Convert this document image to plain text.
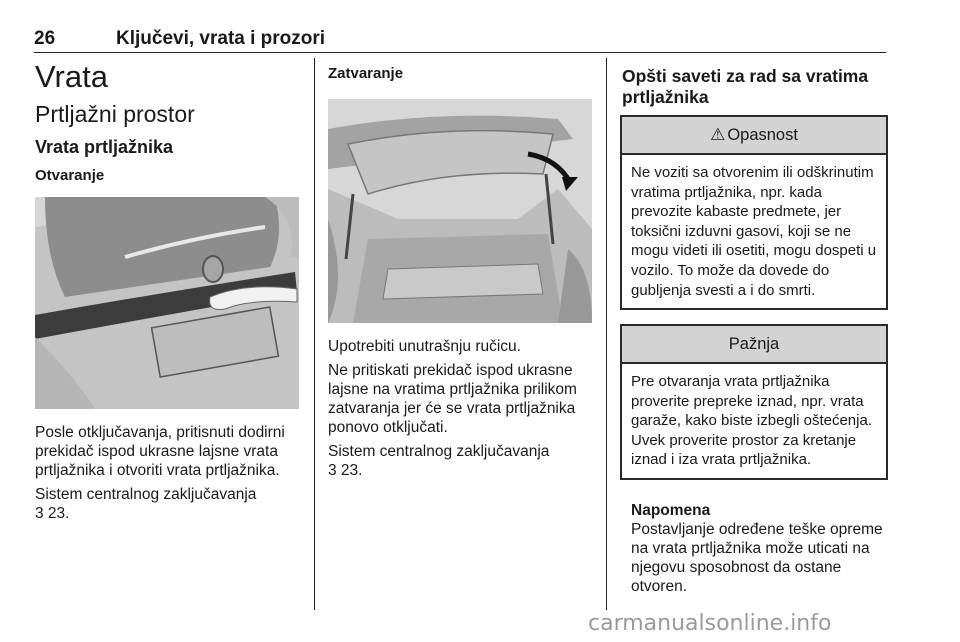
26	Ključevi, vrata i prozori
Vrata
Prtljažni prostor
Vrata prtljažnika
Otvaranje

Posle otključavanja, pritisnuti dodirni prekidač ispod ukrasne lajsne vrata prtljažnika i otvoriti vrata prtljažnika.

Sistem centralnog zaključavanja

3 23.

Zatvaranje

Upotrebiti unutrašnju ručicu.

Ne pritiskati prekidač ispod ukrasne lajsne na vratima prtljažnika prilikom zatvaranja jer će se vrata prtljažnika ponovo otključati.

Sistem centralnog zaključavanja

3 23.

Opšti saveti za rad sa vratima prtljažnika
⚠ Opasnost
Ne voziti sa otvorenim ili odškrinutim vratima prtljažnika, npr. kada prevozite kabaste predmete, jer toksični izduvni gasovi, koji se ne mogu videti ili osetiti, mogu dospeti u vozilo. To može da dovede do gubljenja svesti a i do smrti.
Pažnja
Pre otvaranja vrata prtljažnika proverite prepreke iznad, npr. vrata garaže, kako biste izbegli oštećenja. Uvek proverite prostor za kretanje iznad i iza vrata prtljažnika.
Napomena

Postavljanje određene teške opreme na vrata prtljažnika može uticati na njegovu sposobnost da ostane otvoren.

carmanualsonline.info
